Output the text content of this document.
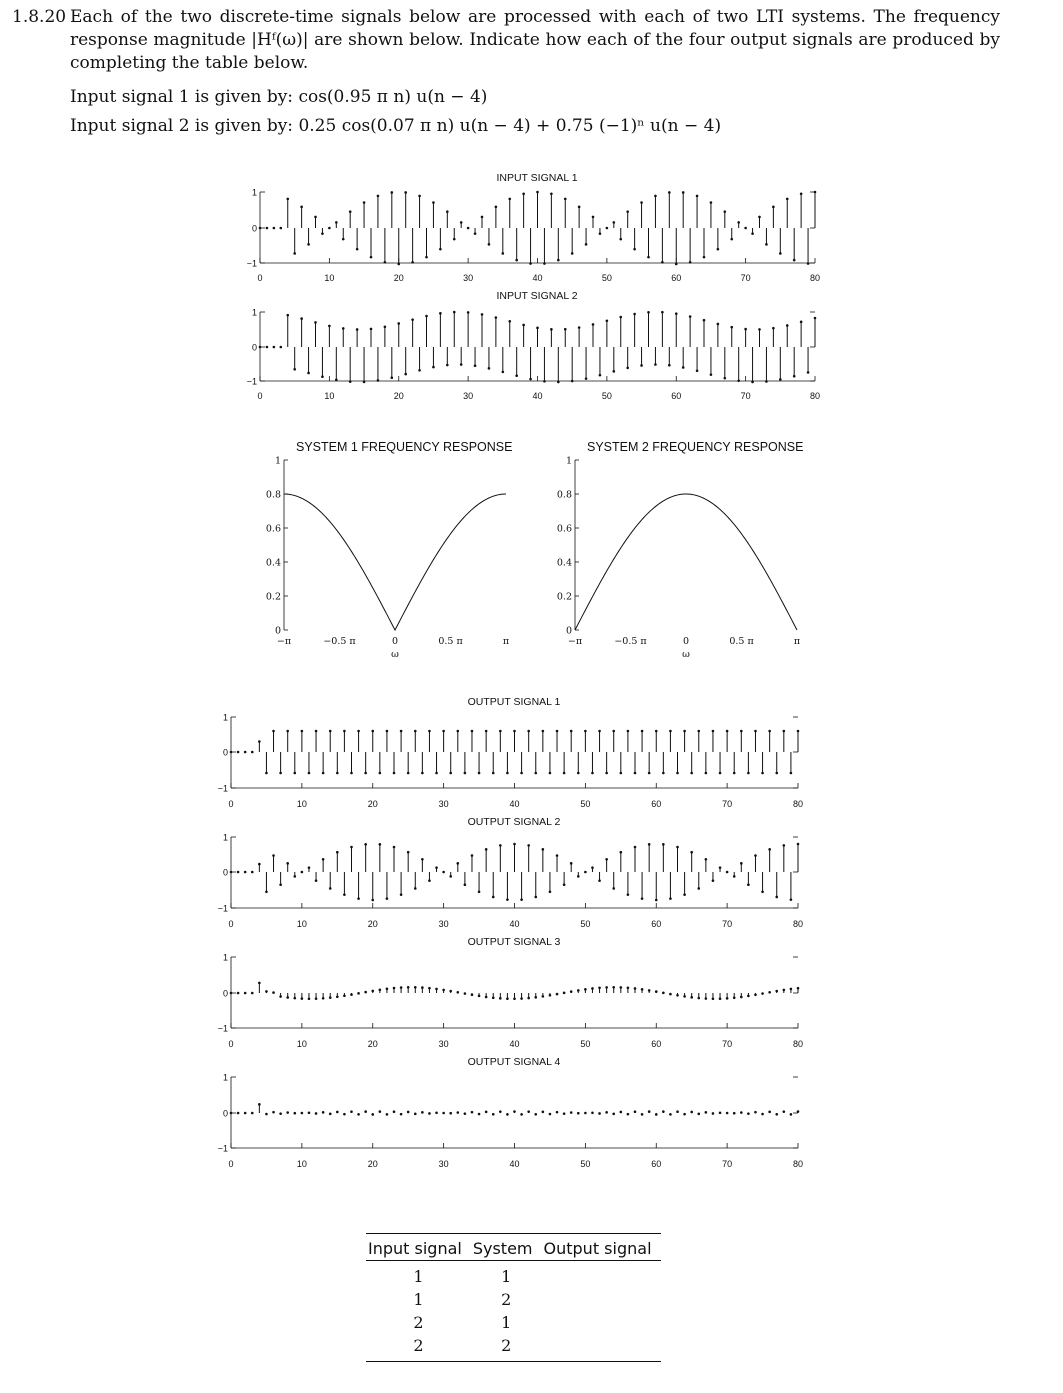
1.8.20 Each of the two discrete-time signals below are processed with each of two LTI systems. The frequency response magnitude |Hᶠ(ω)| are shown below. Indicate how each of the four output signals are produced by completing the table below.
Input signal 1 is given by: cos(0.95 π n) u(n − 4)
Input signal 2 is given by: 0.25 cos(0.07 π n) u(n − 4) + 0.75 (−1)ⁿ u(n − 4)
INPUT SIGNAL 1
INPUT SIGNAL 2
OUTPUT SIGNAL 1
OUTPUT SIGNAL 2
OUTPUT SIGNAL 3
OUTPUT SIGNAL 4
SYSTEM 1 FREQUENCY RESPONSE	SYSTEM 2 FREQUENCY RESPONSE
1
0
−1
0	10	20	30	40	50	60	70	80
1
0
−1
0	10	20	30	40	50	60	70	80
1
0
−1
0	10	20	30	40	50	60	70	80
1
0
−1
0	10	20	30	40	50	60	70	80
1
0
−1
0	10	20	30	40	50	60	70	80
1
0
−1
0	10	20	30	40	50	60	70	80
1
0.8
0.6
0.4
0.2
0
−π	−0.5 π	0	0.5 π	π
ω
1
0.8
0.6
0.4
0.2
0
−π	−0.5 π	0	0.5 π	π
ω
Input signal	System	Output signal
1	1	
1	2	
2	1	
2	2	
